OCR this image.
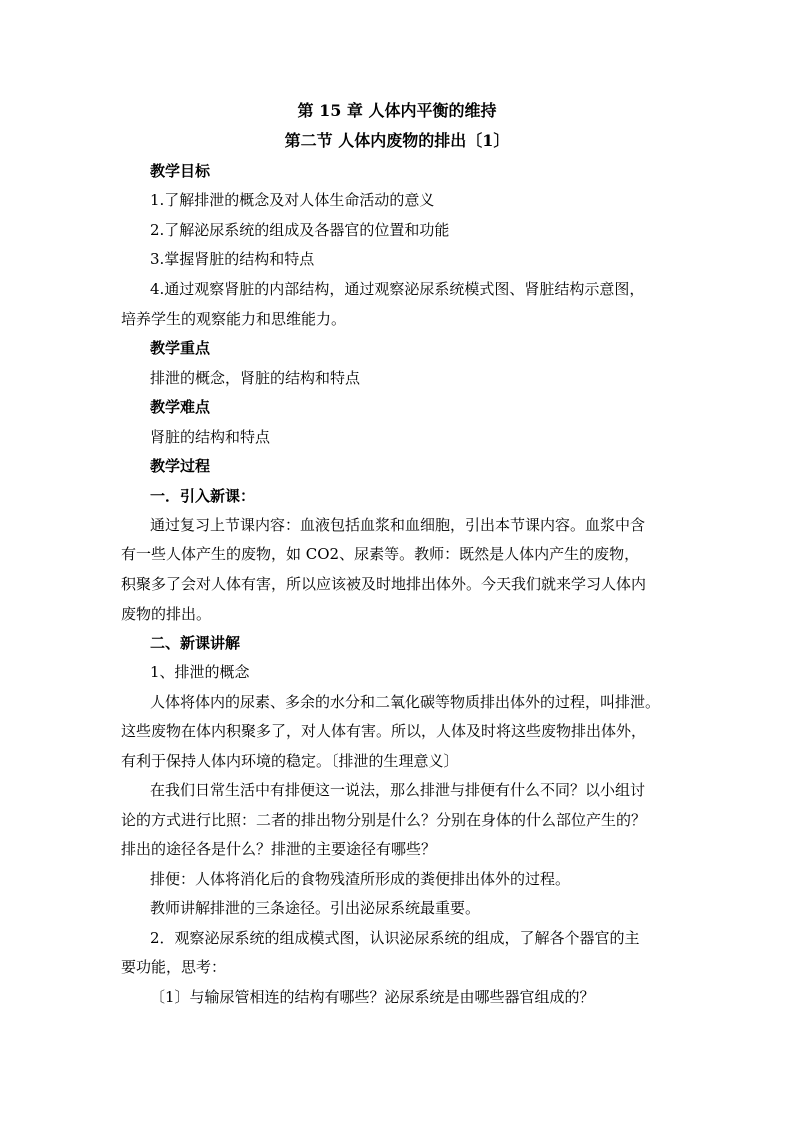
第 15 章 人体内平衡的维持
第二节 人体内废物的排出〔1〕
教学目标
1.了解排泄的概念及对人体生命活动的意义
2.了解泌尿系统的组成及各器官的位置和功能
3.掌握肾脏的结构和特点
4.通过观察肾脏的内部结构，通过观察泌尿系统模式图、肾脏结构示意图，
培养学生的观察能力和思维能力。
教学重点
排泄的概念，肾脏的结构和特点
教学难点
肾脏的结构和特点
教学过程
一．引入新课：
通过复习上节课内容：血液包括血浆和血细胞，引出本节课内容。血浆中含
有一些人体产生的废物，如 CO2、尿素等。教师：既然是人体内产生的废物，
积聚多了会对人体有害，所以应该被及时地排出体外。今天我们就来学习人体内
废物的排出。
二、新课讲解
1、排泄的概念
人体将体内的尿素、多余的水分和二氧化碳等物质排出体外的过程，叫排泄。
这些废物在体内积聚多了，对人体有害。所以，人体及时将这些废物排出体外，
有利于保持人体内环境的稳定。〔排泄的生理意义〕
在我们日常生活中有排便这一说法，那么排泄与排便有什么不同？以小组讨
论的方式进行比照：二者的排出物分别是什么？分别在身体的什么部位产生的？
排出的途径各是什么？排泄的主要途径有哪些？
排便：人体将消化后的食物残渣所形成的粪便排出体外的过程。
教师讲解排泄的三条途径。引出泌尿系统最重要。
2．观察泌尿系统的组成模式图，认识泌尿系统的组成，了解各个器官的主
要功能，思考：
〔1〕与输尿管相连的结构有哪些？泌尿系统是由哪些器官组成的？
